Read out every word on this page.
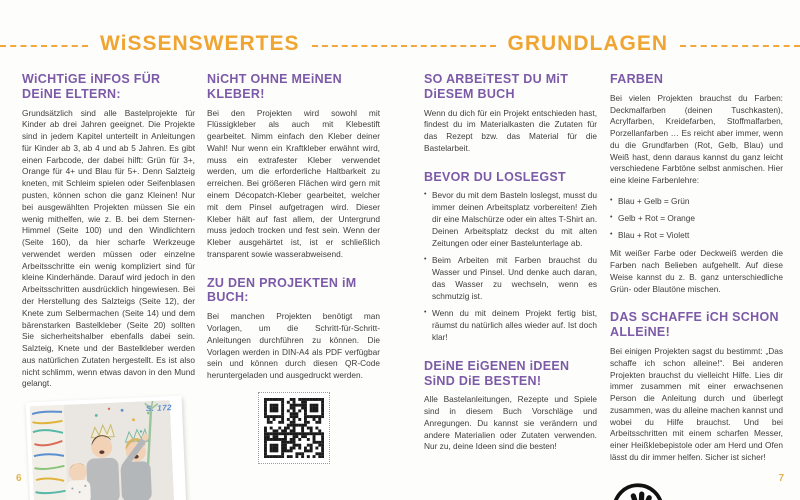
WiSSENSWERTES	GRUNDLAGEN
WiCHTiGE iNFOS FÜR DEiNE ELTERN:

Grundsätzlich sind alle Bastelprojekte für Kinder ab drei Jahren geeignet. Die Projekte sind in jedem Kapitel unterteilt in Anleitungen für Kinder ab 3, ab 4 und ab 5 Jahren. Es gibt einen Farbcode, der dabei hilft: Grün für 3+, Orange für 4+ und Blau für 5+. Denn Salzteig kneten, mit Schleim spielen oder Seifenblasen pusten, können schon die ganz Kleinen! Nur bei ausgewählten Projekten müssen Sie ein wenig mithelfen, wie z. B. bei dem Sternen-Himmel (Seite 100) und den Windlichtern (Seite 160), da hier scharfe Werkzeuge verwendet werden müssen oder einzelne Arbeitsschritte ein wenig kompliziert sind für kleine Kinderhände. Darauf wird jedoch in den Arbeitsschritten ausdrücklich hingewiesen. Bei der Herstellung des Salzteigs (Seite 12), der Knete zum Selbermachen (Seite 14) und dem bärenstarken Bastelkleber (Seite 20) sollten Sie sicherheitshalber ebenfalls dabei sein. Salzteig, Knete und der Bastelkleber werden aus natürlichen Zutaten hergestellt. Es ist also nicht schlimm, wenn etwas davon in den Mund gelangt.

S. 172
NiCHT OHNE MEiNEN KLEBER!

Bei den Projekten wird sowohl mit Flüssigkleber als auch mit Klebestift gearbeitet. Nimm einfach den Kleber deiner Wahl! Nur wenn ein Kraftkleber erwähnt wird, muss ein extrafester Kleber verwendet werden, um die erforderliche Haltbarkeit zu erreichen. Bei größeren Flächen wird gern mit einem Décopatch-Kleber gearbeitet, welcher mit dem Pinsel aufgetragen wird. Dieser Kleber hält auf fast allem, der Untergrund muss jedoch trocken und fest sein. Wenn der Kleber ausgehärtet ist, ist er schließlich transparent sowie wasserabweisend.

ZU DEN PROJEKTEN iM BUCH:

Bei manchen Projekten benötigt man Vorlagen, um die Schritt-für-Schritt-Anleitungen durchführen zu können. Die Vorlagen werden in DIN-A4 als PDF verfügbar sein und können durch diesen QR-Code heruntergeladen und ausgedruckt werden.

SO ARBEiTEST DU MiT DiESEM BUCH

Wenn du dich für ein Projekt entschieden hast, findest du im Materialkasten die Zutaten für das Rezept bzw. das Material für die Bastelarbeit.

BEVOR DU LOSLEGST
• Bevor du mit dem Basteln loslegst, musst du immer deinen Arbeitsplatz vorbereiten! Zieh dir eine Malschürze oder ein altes T-Shirt an. Deinen Arbeitsplatz deckst du mit alten Zeitungen oder einer Bastelunterlage ab.
• Beim Arbeiten mit Farben brauchst du Wasser und Pinsel. Und denke auch daran, das Wasser zu wechseln, wenn es schmutzig ist.
• Wenn du mit deinem Projekt fertig bist, räumst du natürlich alles wieder auf. Ist doch klar!
DEiNE EiGENEN iDEEN SiND DiE BESTEN!

Alle Bastelanleitungen, Rezepte und Spiele sind in diesem Buch Vorschläge und Anregungen. Du kannst sie verändern und andere Materialien oder Zutaten verwenden. Nur zu, deine Ideen sind die besten!

FARBEN

Bei vielen Projekten brauchst du Farben: Deckmalfarben (deinen Tuschkasten), Acrylfarben, Kreidefarben, Stoffmalfarben, Porzellanfarben … Es reicht aber immer, wenn du die Grundfarben (Rot, Gelb, Blau) und Weiß hast, denn daraus kannst du ganz leicht verschiedene Farbtöne selbst anmischen. Hier eine kleine Farbenlehre:

• Blau + Gelb = Grün
• Gelb + Rot = Orange
• Blau + Rot = Violett

Mit weißer Farbe oder Deckweiß werden die Farben nach Belieben aufgehellt. Auf diese Weise kannst du z. B. ganz unterschiedliche Grün- oder Blautöne mischen.

DAS SCHAFFE iCH SCHON ALLEiNE!

Bei einigen Projekten sagst du bestimmt: „Das schaffe ich schon alleine!“. Bei anderen Projekten brauchst du vielleicht Hilfe. Lies dir immer zusammen mit einer erwachsenen Person die Anleitung durch und überlegt zusammen, was du alleine machen kannst und wobei du Hilfe brauchst. Und bei Arbeitsschritten mit einem scharfen Messer, einer Heißklebepistole oder am Herd und Ofen lässt du dir immer helfen. Sicher ist sicher!

6	7
